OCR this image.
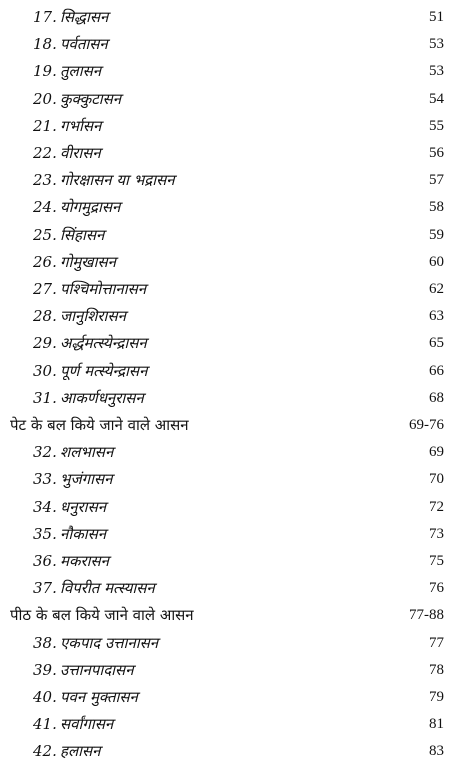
17. सिद्धासन	51
18. पर्वतासन	53
19. तुलासन	53
20. कुक्कुटासन	54
21. गर्भासन	55
22. वीरासन	56
23. गोरक्षासन या भद्रासन	57
24. योगमुद्रासन	58
25. सिंहासन	59
26. गोमुखासन	60
27. पश्चिमोत्तानासन	62
28. जानुशिरासन	63
29. अर्द्धमत्स्येन्द्रासन	65
30. पूर्ण मत्स्येन्द्रासन	66
31. आकर्णधनुरासन	68
पेट के बल किये जाने वाले आसन	69-76
32. शलभासन	69
33. भुजंगासन	70
34. धनुरासन	72
35. नौकासन	73
36. मकरासन	75
37. विपरीत मत्स्यासन	76
पीठ के बल किये जाने वाले आसन	77-88
38. एकपाद उत्तानासन	77
39. उत्तानपादासन	78
40. पवन मुक्तासन	79
41. सर्वांगासन	81
42. हलासन	83
